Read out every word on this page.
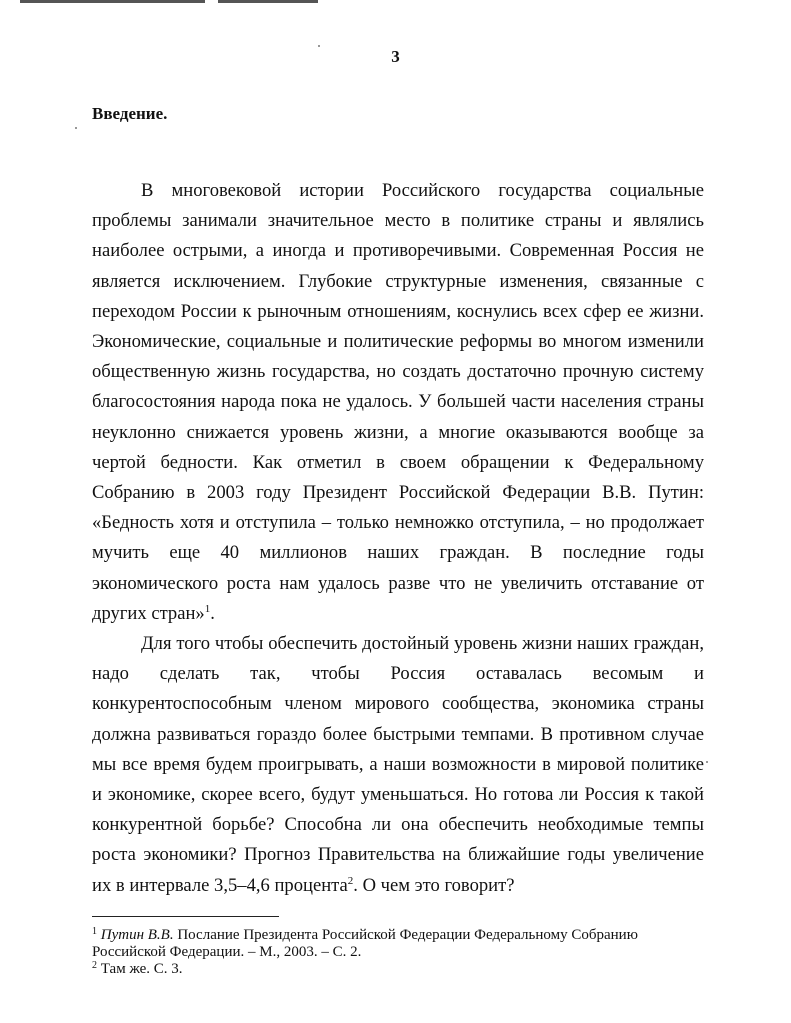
3
Введение.

В многовековой истории Российского государства социальные проблемы занимали значительное место в политике страны и являлись наиболее острыми, а иногда и противоречивыми. Современная Россия не является исключением. Глубокие структурные изменения, связанные с переходом России к рыночным отношениям, коснулись всех сфер ее жизни. Экономические, социальные и политические реформы во многом изменили общественную жизнь государства, но создать достаточно прочную систему благосостояния народа пока не удалось. У большей части населения страны неуклонно снижается уровень жизни, а многие оказываются вообще за чертой бедности. Как отметил в своем обращении к Федеральному Собранию в 2003 году Президент Российской Федерации В.В. Путин: «Бедность хотя и отступила – только немножко отступила, – но продолжает мучить еще 40 миллионов наших граждан. В последние годы экономического роста нам удалось разве что не увеличить отставание от других стран»$^1$.

Для того чтобы обеспечить достойный уровень жизни наших граждан, надо сделать так, чтобы Россия оставалась весомым и конкурентоспособным членом мирового сообщества, экономика страны должна развиваться гораздо более быстрыми темпами. В противном случае мы все время будем проигрывать, а наши возможности в мировой политике и экономике, скорее всего, будут уменьшаться. Но готова ли Россия к такой конкурентной борьбе? Способна ли она обеспечить необходимые темпы роста экономики? Прогноз Правительства на ближайшие годы увеличение их в интервале 3,5–4,6 процента$^2$. О чем это говорит?

$^1$ Путин В.В. Послание Президента Российской Федерации Федеральному Собранию Российской Федерации. – М., 2003. – С. 2.
$^2$ Там же. С. 3.
